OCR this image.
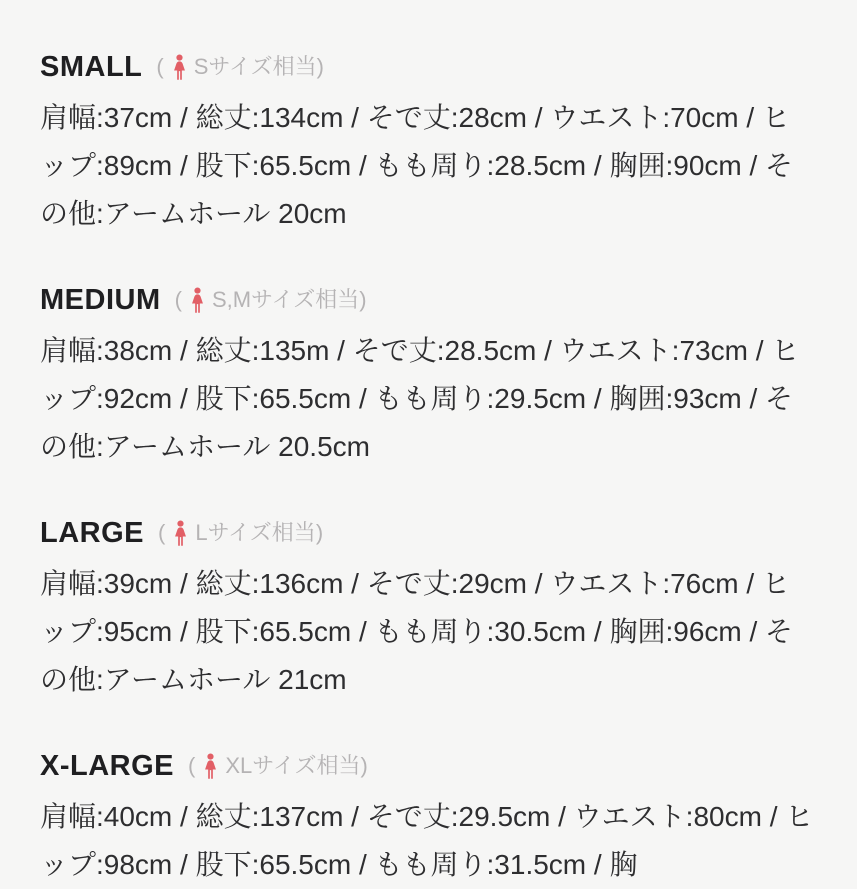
SMALL ( Sサイズ相当 )

肩幅:37cm / 総丈:134cm / そで丈:28cm / ウエスト:70cm / ヒップ:89cm / 股下:65.5cm / もも周り:28.5cm / 胸囲:90cm / その他:アームホール 20cm

MEDIUM ( S,Mサイズ相当 )

肩幅:38cm / 総丈:135m / そで丈:28.5cm / ウエスト:73cm / ヒップ:92cm / 股下:65.5cm / もも周り:29.5cm / 胸囲:93cm / その他:アームホール 20.5cm

LARGE ( Lサイズ相当 )

肩幅:39cm / 総丈:136cm / そで丈:29cm / ウエスト:76cm / ヒップ:95cm / 股下:65.5cm / もも周り:30.5cm / 胸囲:96cm / その他:アームホール 21cm

X-LARGE ( XLサイズ相当 )

肩幅:40cm / 総丈:137cm / そで丈:29.5cm / ウエスト:80cm / ヒップ:98cm / 股下:65.5cm / もも周り:31.5cm / 胸
